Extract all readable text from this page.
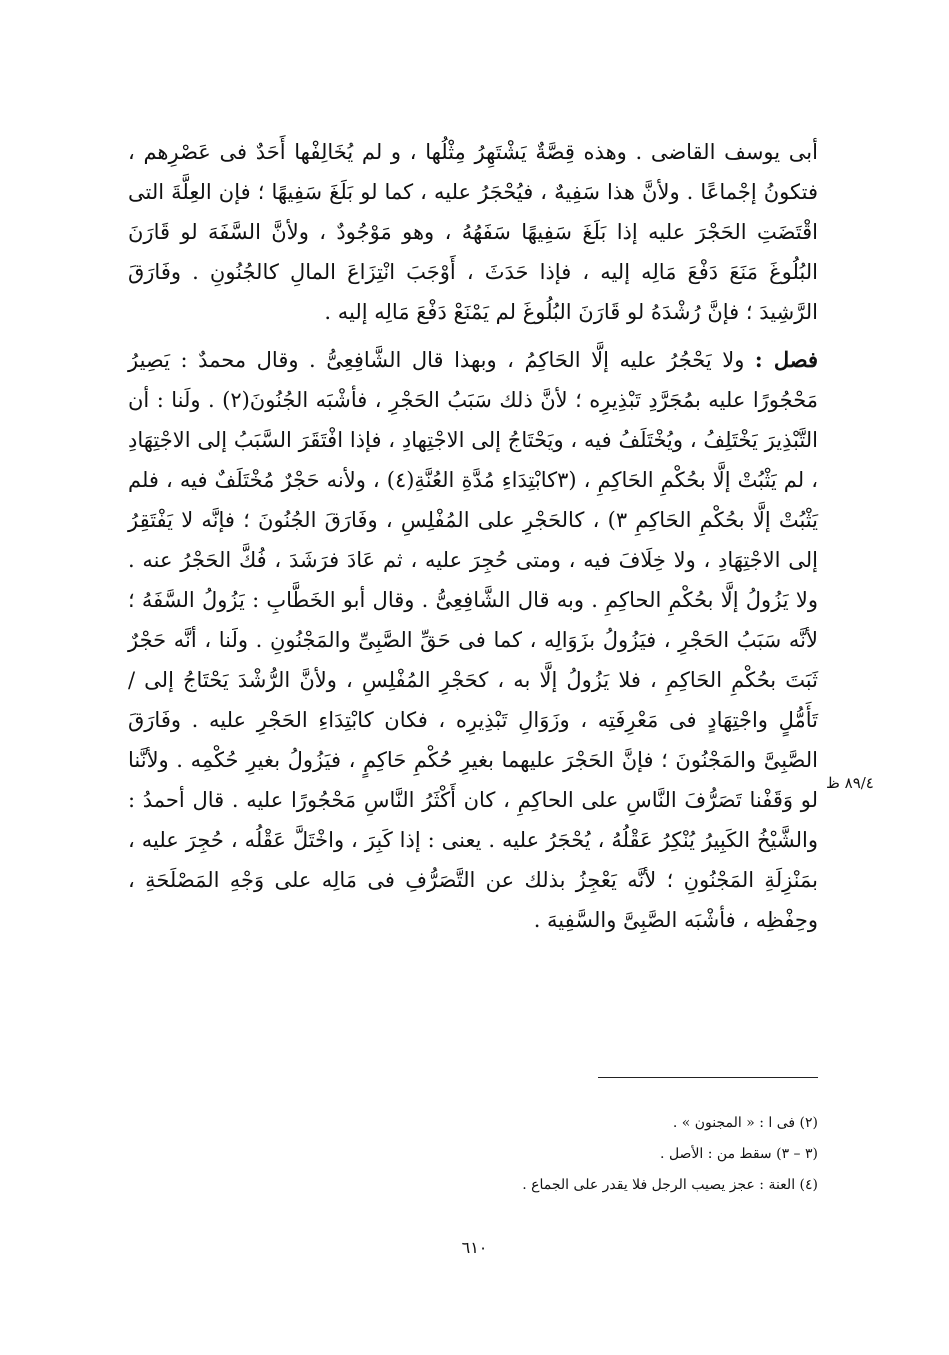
أبى يوسف القاضى . وهذه قِصَّةٌ يَشْتَهِرُ مِثْلُها ، و لم يُخَالِفْها أَحَدٌ فى عَصْرِهم ، فتكونُ إجْماعًا . ولأنَّ هذا سَفِيهٌ ، فيُحْجَرُ عليه ، كما لو بَلَغَ سَفِيهًا ؛ فإن العِلَّةَ التى اقْتَضَتِ الحَجْرَ عليه إذا بَلَغَ سَفِيهًا سَفَهُهُ ، وهو مَوْجُودٌ ، ولأنَّ السَّفَهَ لو قَارَنَ البُلُوغَ مَنَعَ دَفْعَ مَالِه إليه ، فإذا حَدَثَ ، أَوْجَبَ انْتِزَاعَ المالِ كالجُنُونِ . وفَارَقَ الرَّشِيدَ ؛ فإنَّ رُشْدَهُ لو قَارَنَ البُلُوغَ لم يَمْنَعْ دَفْعَ مَالِه إليه .

فصل : ولا يَحْجُرُ عليه إلَّا الحَاكِمُ ، وبهذا قال الشَّافِعِىُّ . وقال محمدٌ : يَصِيرُ مَحْجُورًا عليه بمُجَرَّدِ تَبْذِيرِه ؛ لأنَّ ذلك سَبَبُ الحَجْرِ ، فأشْبَه الجُنُونَ(٢) . ولَنا : أن التَّبْذِيرَ يَخْتَلِفُ ، ويُخْتَلَفُ فيه ، ويَحْتَاجُ إلى الاجْتِهادِ ، فإذا افْتَقَرَ السَّبَبُ إلى الاجْتِهَادِ ، لم يَثْبُتْ إلَّا بحُكْمِ الحَاكِمِ ، (٣كابْتِدَاءِ مُدَّةِ العُنَّةِ(٤) ، ولأنه حَجْرٌ مُخْتَلَفٌ فيه ، فلم يَثْبُتْ إلَّا بحُكْمِ الحَاكِمِ ٣) ، كالحَجْرِ على المُفْلِسِ ، وفَارَقَ الجُنُونَ ؛ فإنَّه لا يَفْتَقِرُ إلى الاجْتِهَادِ ، ولا خِلَافَ فيه ، ومتى حُجِرَ عليه ، ثم عَادَ فرَشَدَ ، فُكَّ الحَجْرُ عنه . ولا يَزُولُ إلَّا بحُكْمِ الحاكِمِ . وبه قال الشَّافِعِىُّ . وقال أبو الخَطَّابِ : يَزُولُ السَّفَهُ ؛ لأنَّه سَبَبُ الحَجْرِ ، فيَزُولُ بزَوَالِه ، كما فى حَقِّ الصَّبِىِّ والمَجْنُونِ . ولَنا ، أنَّه حَجْرٌ ثَبَتَ بحُكْمِ الحَاكِمِ ، فلا يَزُولُ إلَّا به ، كحَجْرِ المُفْلِسِ ، ولأنَّ الرُّشْدَ يَحْتَاجُ إلى / تَأَمُّلٍ واجْتِهَادٍ فى مَعْرِفَتِه ، وزَوَالِ تَبْذِيرِه ، فكان كابْتِدَاءِ الحَجْرِ عليه . وفَارَقَ الصَّبِىَّ والمَجْنُونَ ؛ فإنَّ الحَجْرَ عليهما بغيرِ حُكْمِ حَاكِمٍ ، فيَزُولُ بغيرِ حُكْمِه . ولأنَّنا لو وَقَفْنا تَصَرُّفَ النَّاسِ على الحاكِمِ ، كان أَكْثَرُ النَّاسِ مَحْجُورًا عليه . قال أحمدُ : والشَّيْخُ الكَبِيرُ يُنْكِرُ عَقْلُهُ ، يُحْجَرُ عليه . يعنى : إذا كَبِرَ ، واخْتَلَّ عَقْلُه ، حُجِرَ عليه ، بمَنْزِلَةِ المَجْنُونِ ؛ لأنَّه يَعْجِزُ بذلك عن التَّصَرُّفِ فى مَالِه على وَجْهِ المَصْلَحَةِ ، وحِفْظِه ، فأشْبَه الصَّبِىَّ والسَّفِيهَ .

٨٩/٤ ظ
(٢) فى ا : « المجنون » .
(٣ – ٣) سقط من : الأصل .
(٤) العنة : عجز يصيب الرجل فلا يقدر على الجماع .
٦١٠
